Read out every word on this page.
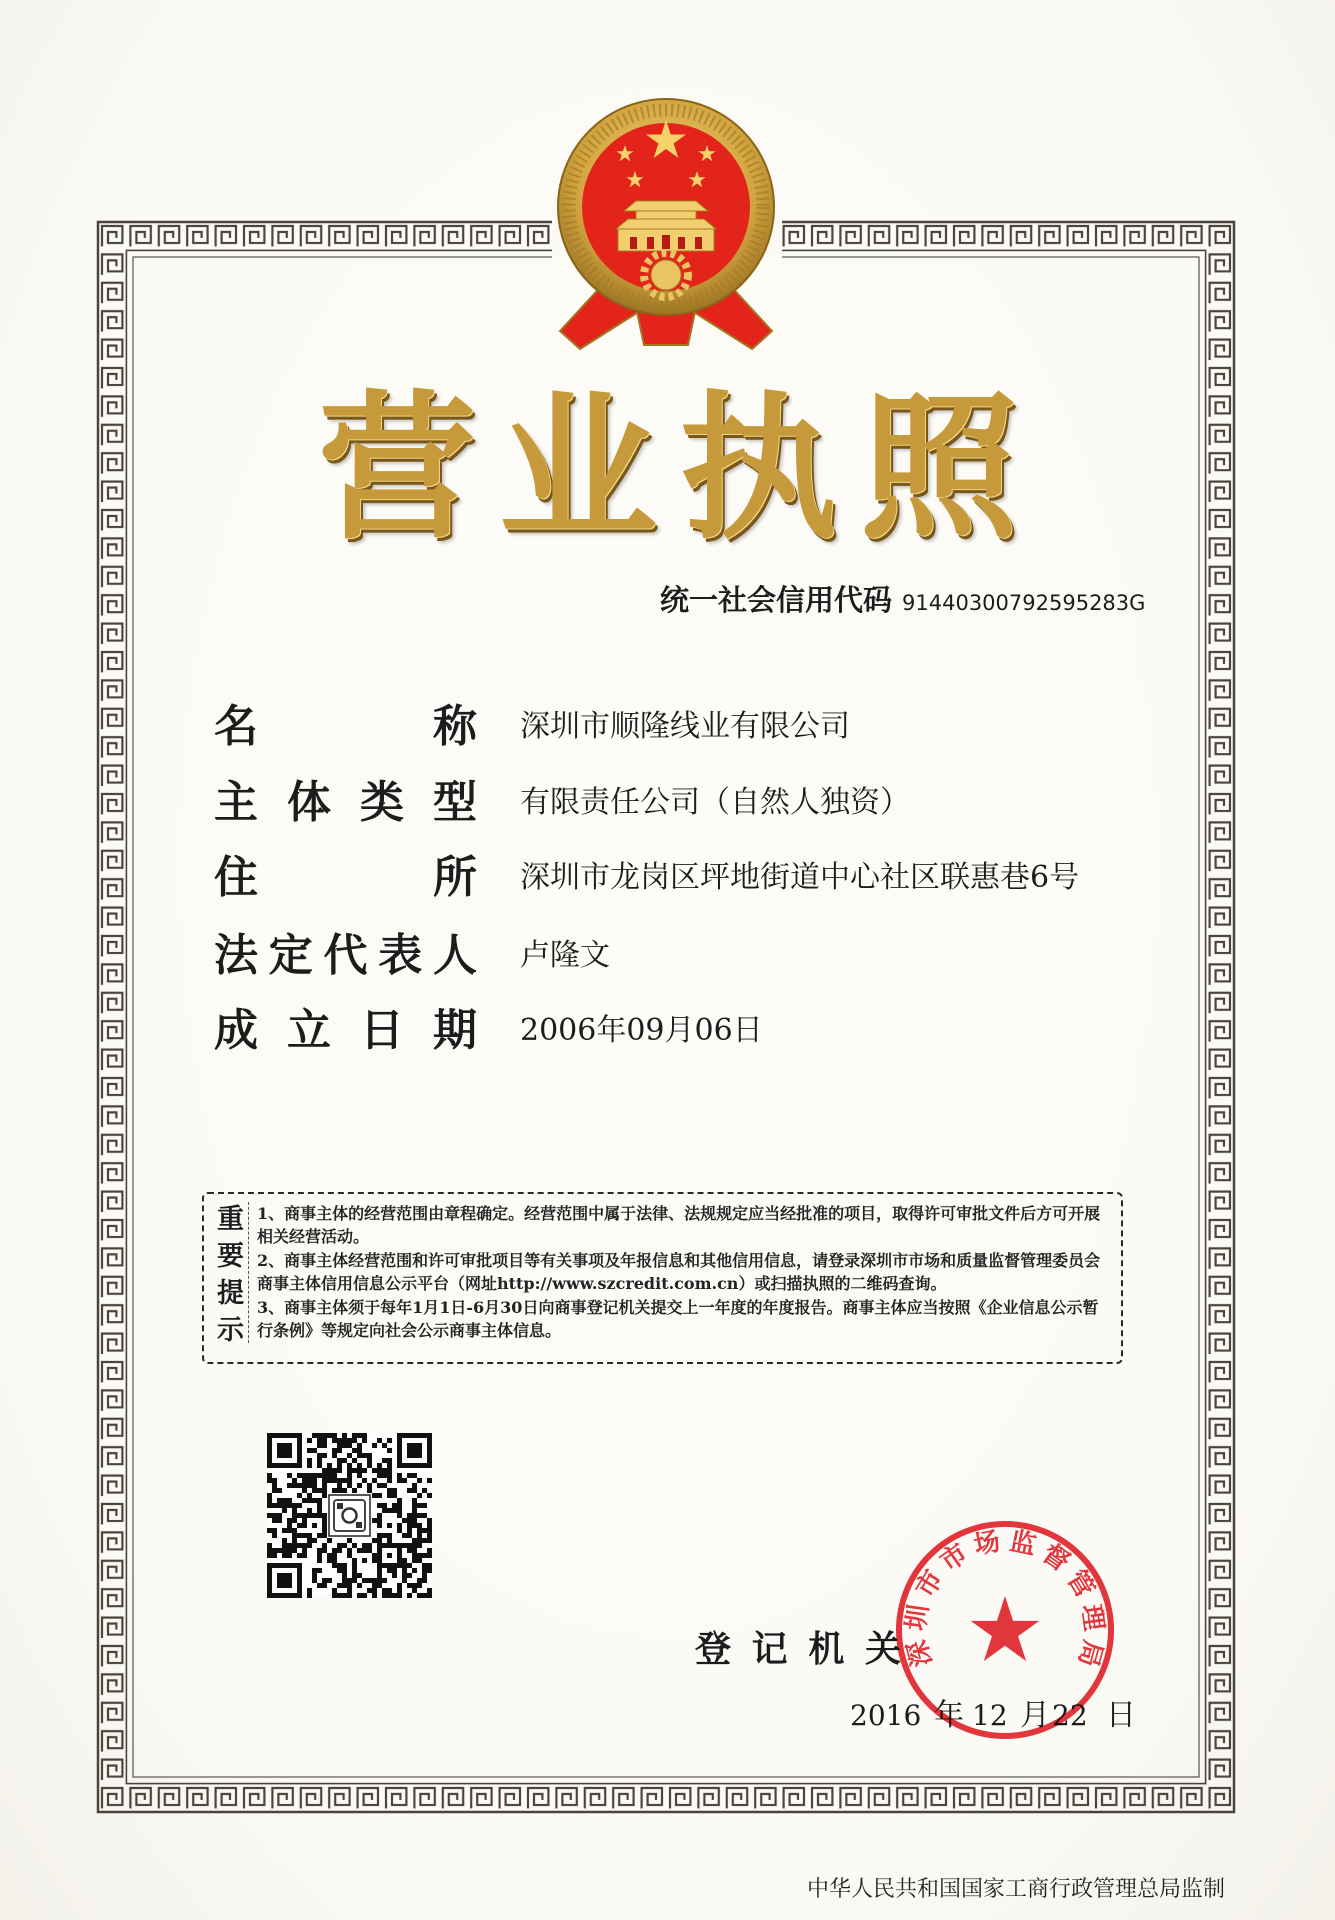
营 业 执 照
统一社会信用代码 91440300792595283G
名	称 深圳市顺隆线业有限公司
主 体 类 型 有限责任公司（自然人独资）
住	所 深圳市龙岗区坪地街道中心社区联惠巷6号
法 定 代 表 人 卢隆文
成 立 日 期 2006年09月06日
重要提示 1、商事主体的经营范围由章程确定。经营范围中属于法律、法规规定应当经批准的项目，取得许可审批文件后方可开展相关经营活动。
2、商事主体经营范围和许可审批项目等有关事项及年报信息和其他信用信息，请登录深圳市市场和质量监督管理委员会商事主体信用信息公示平台（网址http://www.szcredit.com.cn）或扫描执照的二维码查询。
3、商事主体须于每年1月1日-6月30日向商事登记机关提交上一年度的年度报告。商事主体应当按照《企业信息公示暂行条例》等规定向社会公示商事主体信息。
登 记 机 关
2016 年 12 月 22 日
深圳市市场监督管理局
中华人民共和国国家工商行政管理总局监制
